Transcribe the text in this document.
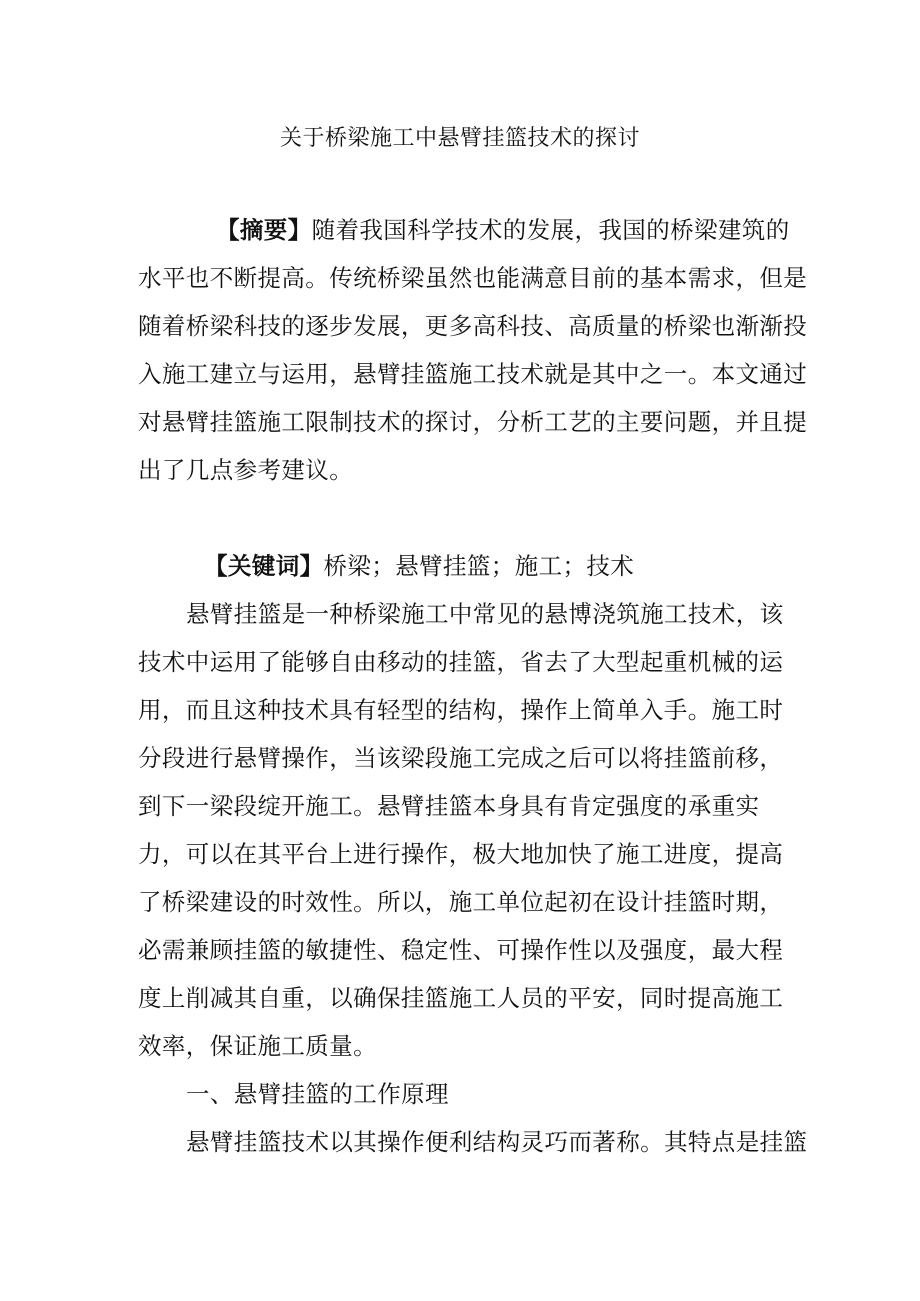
关于桥梁施工中悬臂挂篮技术的探讨
【摘要】随着我国科学技术的发展，我国的桥梁建筑的
水平也不断提高。传统桥梁虽然也能满意目前的基本需求，但是
随着桥梁科技的逐步发展，更多高科技、高质量的桥梁也渐渐投
入施工建立与运用，悬臂挂篮施工技术就是其中之一。本文通过
对悬臂挂篮施工限制技术的探讨，分析工艺的主要问题，并且提
出了几点参考建议。
【关键词】桥梁；悬臂挂篮；施工；技术
悬臂挂篮是一种桥梁施工中常见的悬博浇筑施工技术，该
技术中运用了能够自由移动的挂篮，省去了大型起重机械的运
用，而且这种技术具有轻型的结构，操作上简单入手。施工时
分段进行悬臂操作，当该梁段施工完成之后可以将挂篮前移，
到下一梁段绽开施工。悬臂挂篮本身具有肯定强度的承重实
力，可以在其平台上进行操作，极大地加快了施工进度，提高
了桥梁建设的时效性。所以，施工单位起初在设计挂篮时期，
必需兼顾挂篮的敏捷性、稳定性、可操作性以及强度，最大程
度上削减其自重，以确保挂篮施工人员的平安，同时提高施工
效率，保证施工质量。
一、悬臂挂篮的工作原理
悬臂挂篮技术以其操作便利结构灵巧而著称。其特点是挂篮
